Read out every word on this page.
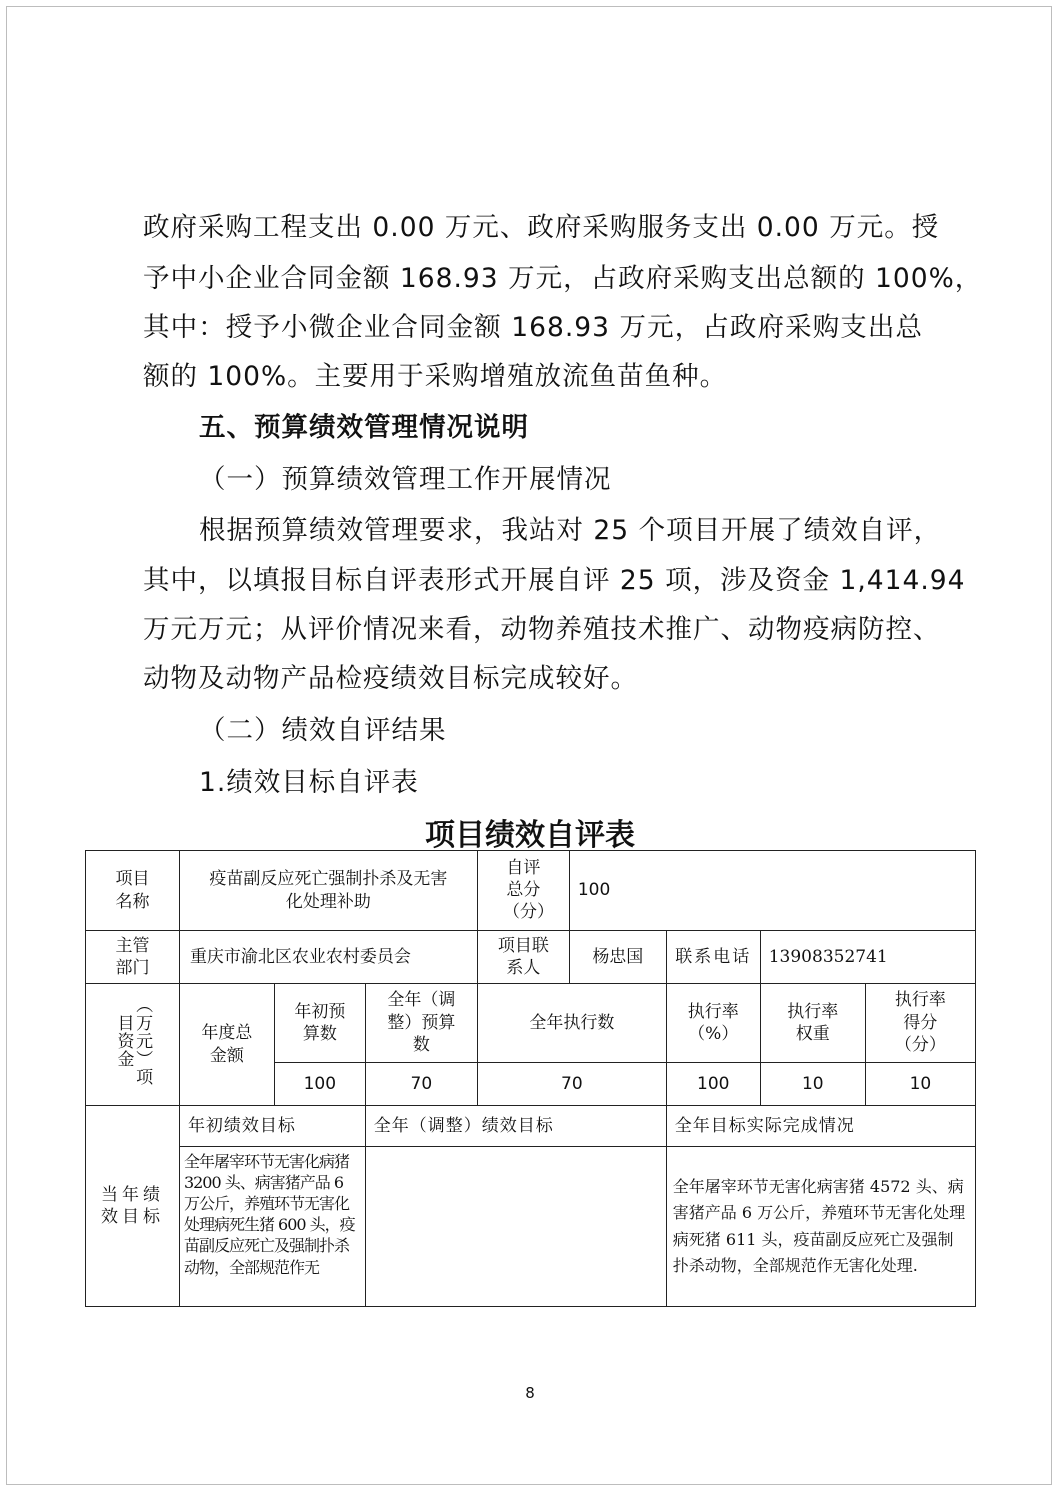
政府采购工程支出 0.00 万元、政府采购服务支出 0.00 万元。授
予中小企业合同金额 168.93 万元，占政府采购支出总额的 100%，
其中：授予小微企业合同金额 168.93 万元，占政府采购支出总
额的 100%。主要用于采购增殖放流鱼苗鱼种。
五、预算绩效管理情况说明
（一）预算绩效管理工作开展情况
根据预算绩效管理要求，我站对 25 个项目开展了绩效自评，
其中，以填报目标自评表形式开展自评 25 项，涉及资金 1,414.94
万元万元；从评价情况来看，动物养殖技术推广、动物疫病防控、
动物及动物产品检疫绩效目标完成较好。
（二）绩效自评结果
1.绩效目标自评表
项目绩效自评表
项目名称	疫苗副反应死亡强制扑杀及无害化处理补助			自评总分（分）	100			
主管部门	重庆市渝北区农业农村委员会			项目联系人	杨忠国	联系电话	13908352741	
（万元）项目资金	年度总金额	年初预算数	全年（调整）预算数	全年执行数		执行率（%）	执行率权重	执行率得分（分）
		100	70	70		100	10	10
当年绩效目标	年初绩效目标		全年（调整）绩效目标			全年目标实际完成情况		
	全年屠宰环节无害化病猪 3200 头、病害猪产品 6 万公斤，养殖环节无害化处理病死生猪 600 头，疫苗副反应死亡及强制扑杀动物，全部规范作无					全年屠宰环节无害化病害猪 4572 头、病害猪产品 6 万公斤，养殖环节无害化处理病死猪 611 头，疫苗副反应死亡及强制扑杀动物，全部规范作无害化处理.		
8
